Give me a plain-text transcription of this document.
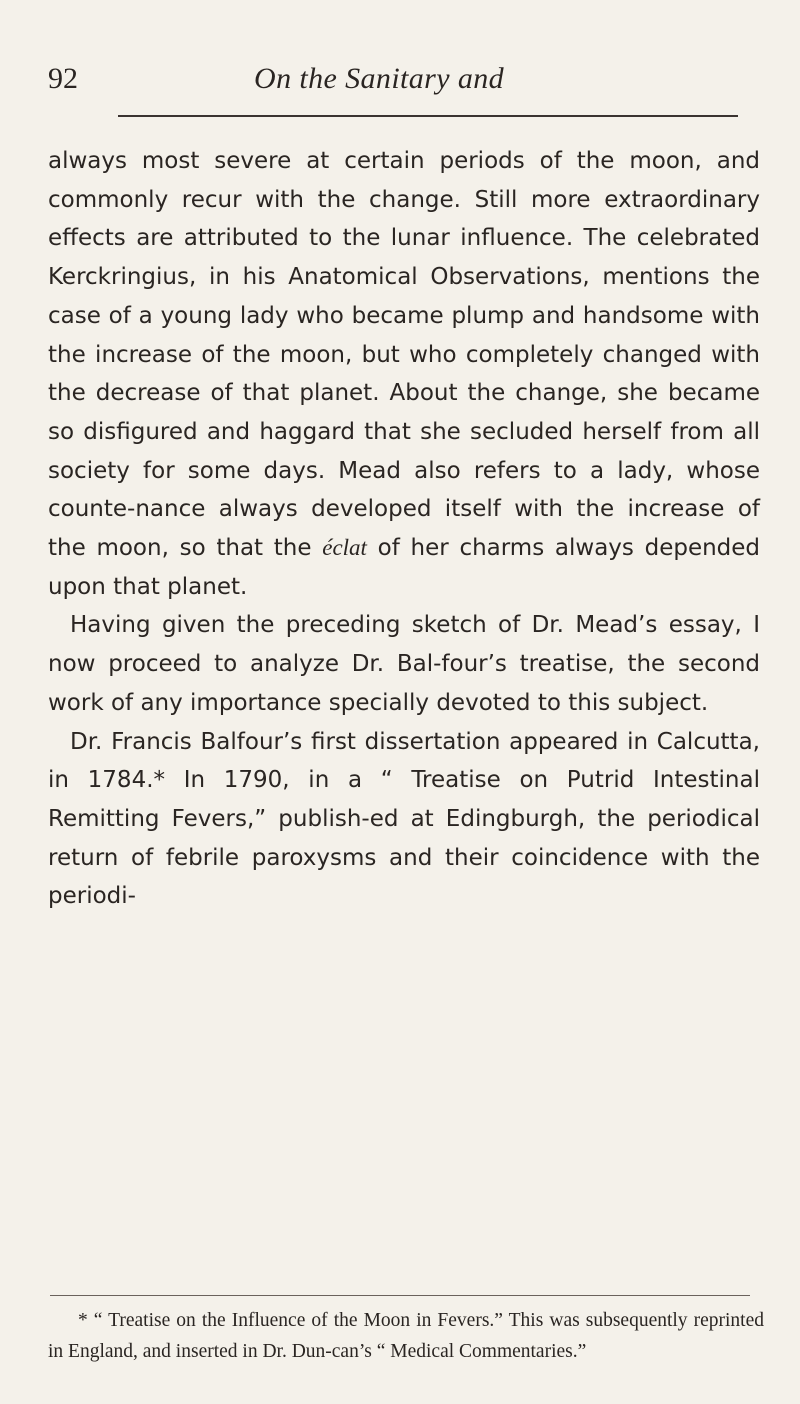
92	On the Sanitary and

always most severe at certain periods of the moon, and commonly recur with the change. Still more extraordinary effects are attributed to the lunar influence. The celebrated Kerckringius, in his Anatomical Observations, mentions the case of a young lady who became plump and handsome with the increase of the moon, but who completely changed with the decrease of that planet. About the change, she became so disfigured and haggard that she secluded herself from all society for some days. Mead also refers to a lady, whose counte-nance always developed itself with the increase of the moon, so that the éclat of her charms always depended upon that planet.

Having given the preceding sketch of Dr. Mead’s essay, I now proceed to analyze Dr. Bal-four’s treatise, the second work of any importance specially devoted to this subject.

Dr. Francis Balfour’s first dissertation appeared in Calcutta, in 1784.* In 1790, in a “ Treatise on Putrid Intestinal Remitting Fevers,” publish-ed at Edingburgh, the periodical return of febrile paroxysms and their coincidence with the periodi-

* “ Treatise on the Influence of the Moon in Fevers.” This was subsequently reprinted in England, and inserted in Dr. Dun-can’s “ Medical Commentaries.”
